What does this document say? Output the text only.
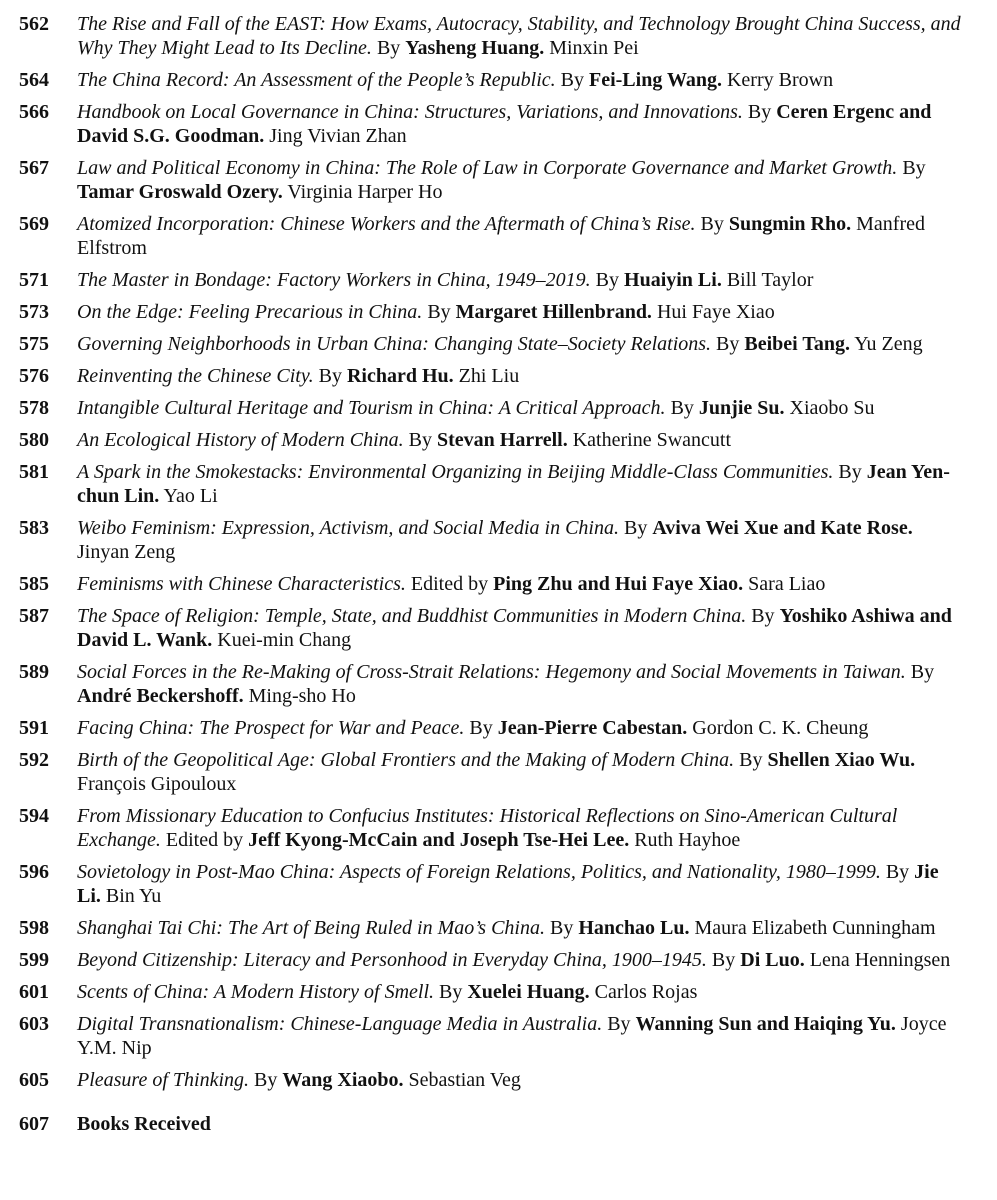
562	The Rise and Fall of the EAST: How Exams, Autocracy, Stability, and Technology Brought China Success, and Why They Might Lead to Its Decline. By Yasheng Huang. Minxin Pei
564	The China Record: An Assessment of the People’s Republic. By Fei-Ling Wang. Kerry Brown
566	Handbook on Local Governance in China: Structures, Variations, and Innovations. By Ceren Ergenc and David S.G. Goodman. Jing Vivian Zhan
567	Law and Political Economy in China: The Role of Law in Corporate Governance and Market Growth. By Tamar Groswald Ozery. Virginia Harper Ho
569	Atomized Incorporation: Chinese Workers and the Aftermath of China’s Rise. By Sungmin Rho. Manfred Elfstrom
571	The Master in Bondage: Factory Workers in China, 1949–2019. By Huaiyin Li. Bill Taylor
573	On the Edge: Feeling Precarious in China. By Margaret Hillenbrand. Hui Faye Xiao
575	Governing Neighborhoods in Urban China: Changing State–Society Relations. By Beibei Tang. Yu Zeng
576	Reinventing the Chinese City. By Richard Hu. Zhi Liu
578	Intangible Cultural Heritage and Tourism in China: A Critical Approach. By Junjie Su. Xiaobo Su
580	An Ecological History of Modern China. By Stevan Harrell. Katherine Swancutt
581	A Spark in the Smokestacks: Environmental Organizing in Beijing Middle-Class Communities. By Jean Yen-chun Lin. Yao Li
583	Weibo Feminism: Expression, Activism, and Social Media in China. By Aviva Wei Xue and Kate Rose. Jinyan Zeng
585	Feminisms with Chinese Characteristics. Edited by Ping Zhu and Hui Faye Xiao. Sara Liao
587	The Space of Religion: Temple, State, and Buddhist Communities in Modern China. By Yoshiko Ashiwa and David L. Wank. Kuei-min Chang
589	Social Forces in the Re-Making of Cross-Strait Relations: Hegemony and Social Movements in Taiwan. By André Beckershoff. Ming-sho Ho
591	Facing China: The Prospect for War and Peace. By Jean-Pierre Cabestan. Gordon C. K. Cheung
592	Birth of the Geopolitical Age: Global Frontiers and the Making of Modern China. By Shellen Xiao Wu. François Gipouloux
594	From Missionary Education to Confucius Institutes: Historical Reflections on Sino-American Cultural Exchange. Edited by Jeff Kyong-McCain and Joseph Tse-Hei Lee. Ruth Hayhoe
596	Sovietology in Post-Mao China: Aspects of Foreign Relations, Politics, and Nationality, 1980–1999. By Jie Li. Bin Yu
598	Shanghai Tai Chi: The Art of Being Ruled in Mao’s China. By Hanchao Lu. Maura Elizabeth Cunningham
599	Beyond Citizenship: Literacy and Personhood in Everyday China, 1900–1945. By Di Luo. Lena Henningsen
601	Scents of China: A Modern History of Smell. By Xuelei Huang. Carlos Rojas
603	Digital Transnationalism: Chinese-Language Media in Australia. By Wanning Sun and Haiqing Yu. Joyce Y.M. Nip
605	Pleasure of Thinking. By Wang Xiaobo. Sebastian Veg
607	Books Received
